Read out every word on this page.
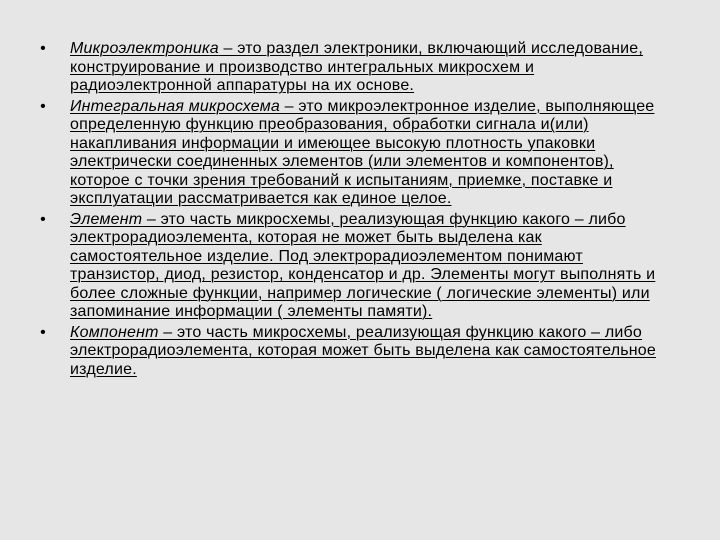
• Микроэлектроника – это раздел электроники, включающий исследование, конструирование и производство интегральных микросхем и радиоэлектронной аппаратуры на их основе.
• Интегральная микросхема – это микроэлектронное изделие, выполняющее определенную функцию преобразования, обработки сигнала и(или) накапливания информации и имеющее высокую плотность упаковки электрически соединенных элементов (или элементов и компонентов), которое с точки зрения требований к испытаниям, приемке, поставке и эксплуатации рассматривается как единое целое.
• Элемент – это часть микросхемы, реализующая функцию какого – либо электрорадиоэлемента, которая не может быть выделена как самостоятельное изделие. Под электрорадиоэлементом понимают транзистор, диод, резистор, конденсатор и др. Элементы могут выполнять и более сложные функции, например логические ( логические элементы) или запоминание информации ( элементы памяти).
• Компонент – это часть микросхемы, реализующая функцию какого – либо электрорадиоэлемента, которая может быть выделена как самостоятельное изделие.
